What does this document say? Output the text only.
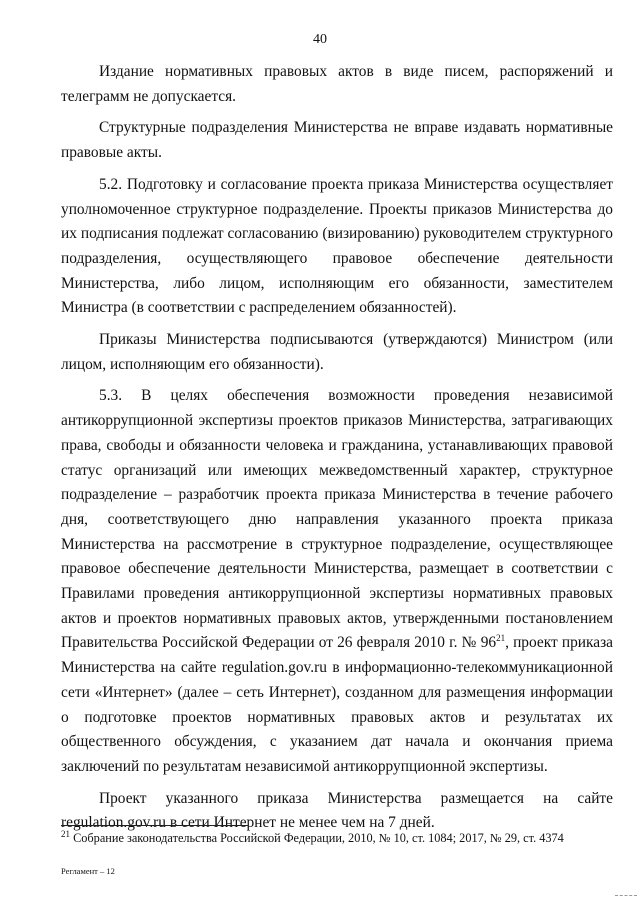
40

Издание нормативных правовых актов в виде писем, распоряжений и телеграмм не допускается.

Структурные подразделения Министерства не вправе издавать нормативные правовые акты.

5.2. Подготовку и согласование проекта приказа Министерства осуществляет уполномоченное структурное подразделение. Проекты приказов Министерства до их подписания подлежат согласованию (визированию) руководителем структурного подразделения, осуществляющего правовое обеспечение деятельности Министерства, либо лицом, исполняющим его обязанности, заместителем Министра (в соответствии с распределением обязанностей).

Приказы Министерства подписываются (утверждаются) Министром (или лицом, исполняющим его обязанности).

5.3. В целях обеспечения возможности проведения независимой антикоррупционной экспертизы проектов приказов Министерства, затрагивающих права, свободы и обязанности человека и гражданина, устанавливающих правовой статус организаций или имеющих межведомственный характер, структурное подразделение – разработчик проекта приказа Министерства в течение рабочего дня, соответствующего дню направления указанного проекта приказа Министерства на рассмотрение в структурное подразделение, осуществляющее правовое обеспечение деятельности Министерства, размещает в соответствии с Правилами проведения антикоррупционной экспертизы нормативных правовых актов и проектов нормативных правовых актов, утвержденными постановлением Правительства Российской Федерации от 26 февраля 2010 г. № $96^{21}$, проект приказа Министерства на сайте regulation.gov.ru в информационно-телекоммуникационной сети «Интернет» (далее – сеть Интернет), созданном для размещения информации о подготовке проектов нормативных правовых актов и результатах их общественного обсуждения, с указанием дат начала и окончания приема заключений по результатам независимой антикоррупционной экспертизы.

Проект указанного приказа Министерства размещается на сайте regulation.gov.ru в сети Интернет не менее чем на 7 дней.

$^{21}$ Собрание законодательства Российской Федерации, 2010, № 10, ст. 1084; 2017, № 29, ст. 4374
Регламент – 12
